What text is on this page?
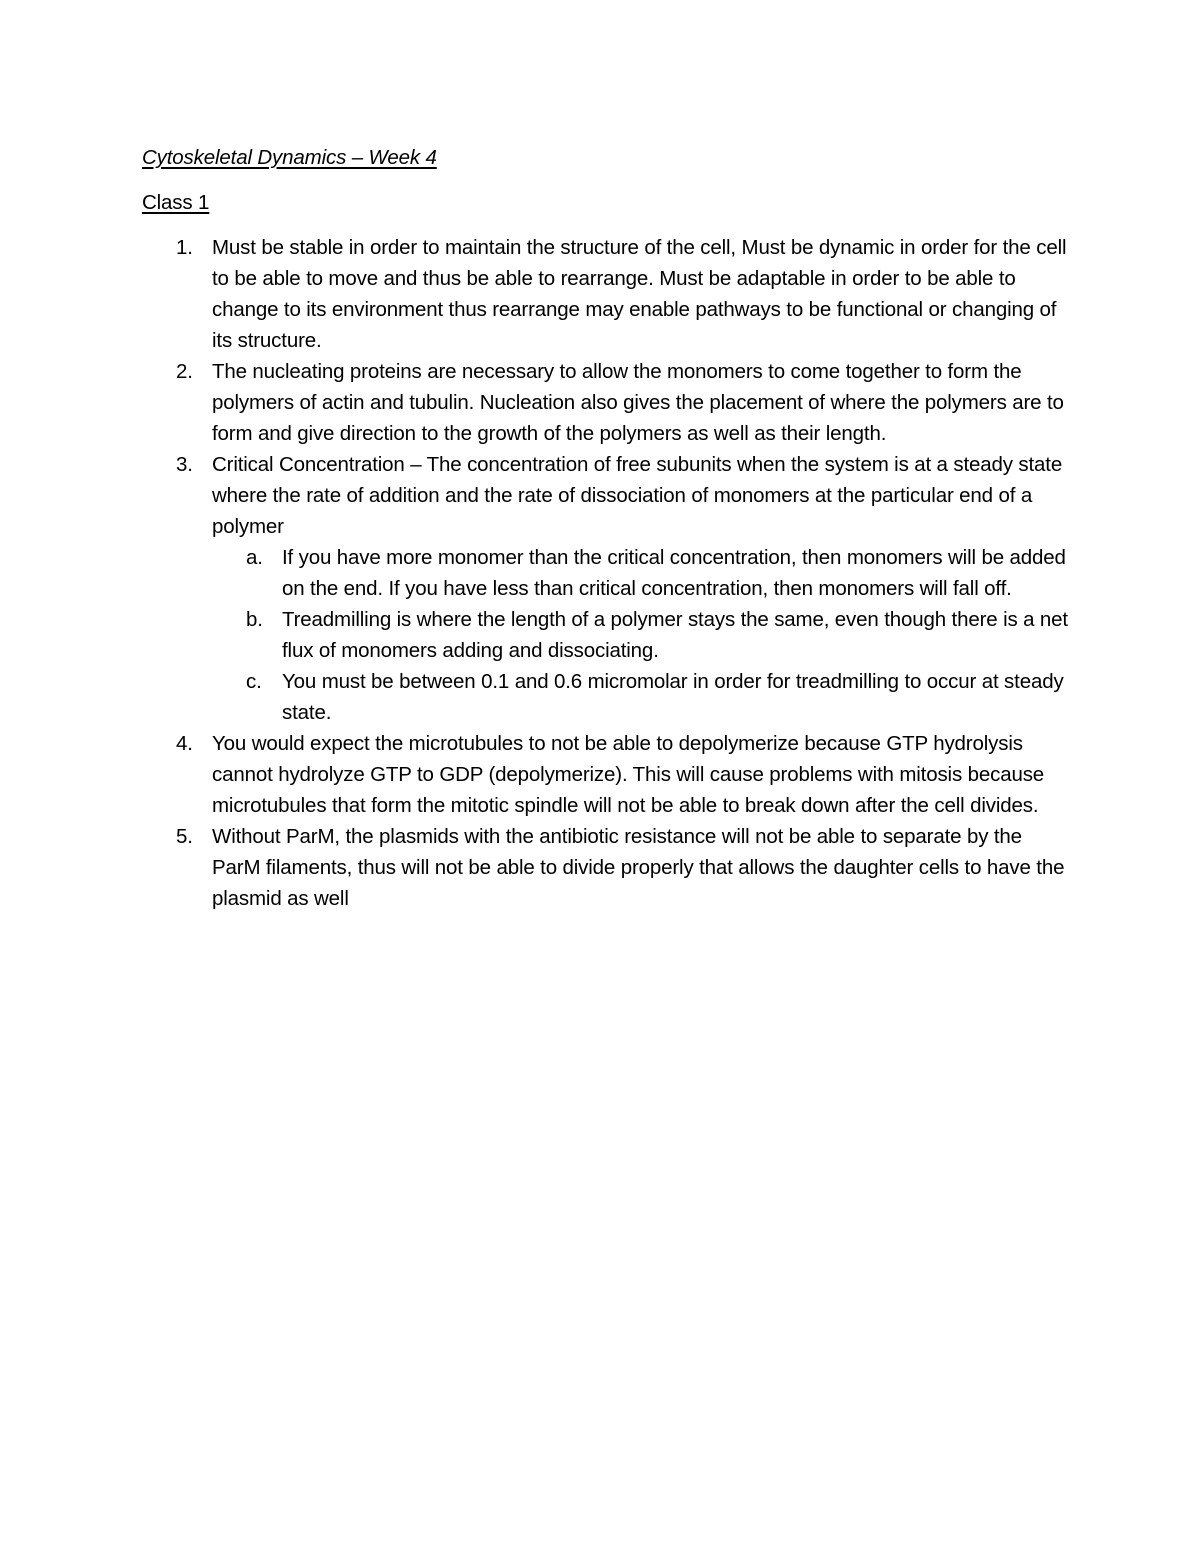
Cytoskeletal Dynamics – Week 4
Class 1
1. Must be stable in order to maintain the structure of the cell, Must be dynamic in order for the cell to be able to move and thus be able to rearrange. Must be adaptable in order to be able to change to its environment thus rearrange may enable pathways to be functional or changing of its structure.
2. The nucleating proteins are necessary to allow the monomers to come together to form the polymers of actin and tubulin. Nucleation also gives the placement of where the polymers are to form and give direction to the growth of the polymers as well as their length.
3. Critical Concentration – The concentration of free subunits when the system is at a steady state where the rate of addition and the rate of dissociation of monomers at the particular end of a polymer
a. If you have more monomer than the critical concentration, then monomers will be added on the end. If you have less than critical concentration, then monomers will fall off.
b. Treadmilling is where the length of a polymer stays the same, even though there is a net flux of monomers adding and dissociating.
c. You must be between 0.1 and 0.6 micromolar in order for treadmilling to occur at steady state.
4. You would expect the microtubules to not be able to depolymerize because GTP hydrolysis cannot hydrolyze GTP to GDP (depolymerize). This will cause problems with mitosis because microtubules that form the mitotic spindle will not be able to break down after the cell divides.
5. Without ParM, the plasmids with the antibiotic resistance will not be able to separate by the ParM filaments, thus will not be able to divide properly that allows the daughter cells to have the plasmid as well
